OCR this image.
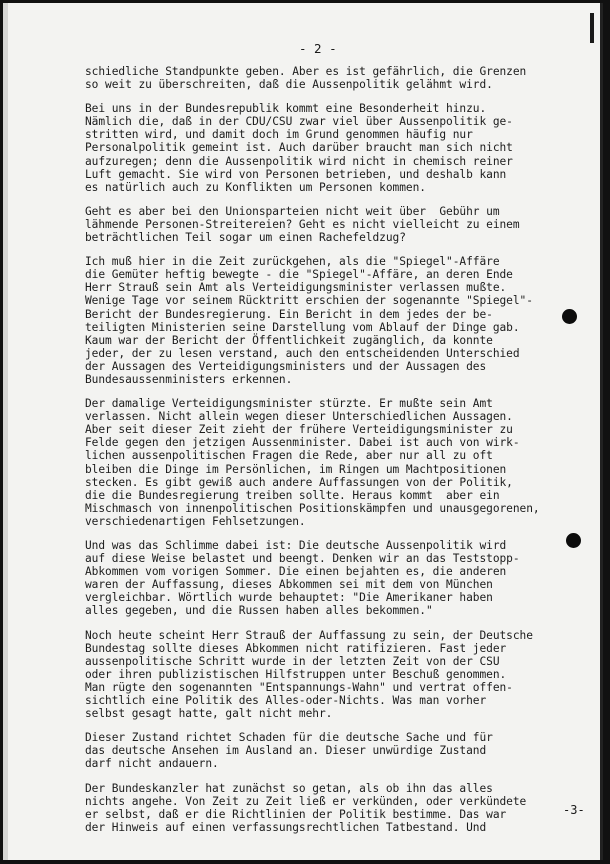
- 2 -
schiedliche Standpunkte geben. Aber es ist gefährlich, die Grenzen
so weit zu überschreiten, daß die Aussenpolitik gelähmt wird.
Bei uns in der Bundesrepublik kommt eine Besonderheit hinzu.
Nämlich die, daß in der CDU/CSU zwar viel über Aussenpolitik ge-
stritten wird, und damit doch im Grund genommen häufig nur
Personalpolitik gemeint ist. Auch darüber braucht man sich nicht
aufzuregen; denn die Aussenpolitik wird nicht in chemisch reiner
Luft gemacht. Sie wird von Personen betrieben, und deshalb kann
es natürlich auch zu Konflikten um Personen kommen.
Geht es aber bei den Unionsparteien nicht weit über  Gebühr um
lähmende Personen-Streitereien? Geht es nicht vielleicht zu einem
beträchtlichen Teil sogar um einen Rachefeldzug?
Ich muß hier in die Zeit zurückgehen, als die "Spiegel"-Affäre
die Gemüter heftig bewegte - die "Spiegel"-Affäre, an deren Ende
Herr Strauß sein Amt als Verteidigungsminister verlassen mußte.
Wenige Tage vor seinem Rücktritt erschien der sogenannte "Spiegel"-
Bericht der Bundesregierung. Ein Bericht in dem jedes der be-
teiligten Ministerien seine Darstellung vom Ablauf der Dinge gab.
Kaum war der Bericht der Öffentlichkeit zugänglich, da konnte
jeder, der zu lesen verstand, auch den entscheidenden Unterschied
der Aussagen des Verteidigungsministers und der Aussagen des
Bundesaussenministers erkennen.
Der damalige Verteidigungsminister stürzte. Er mußte sein Amt
verlassen. Nicht allein wegen dieser Unterschiedlichen Aussagen.
Aber seit dieser Zeit zieht der frühere Verteidigungsminister zu
Felde gegen den jetzigen Aussenminister. Dabei ist auch von wirk-
lichen aussenpolitischen Fragen die Rede, aber nur all zu oft
bleiben die Dinge im Persönlichen, im Ringen um Machtpositionen
stecken. Es gibt gewiß auch andere Auffassungen von der Politik,
die die Bundesregierung treiben sollte. Heraus kommt  aber ein
Mischmasch von innenpolitischen Positionskämpfen und unausgegorenen,
verschiedenartigen Fehlsetzungen.
Und was das Schlimme dabei ist: Die deutsche Aussenpolitik wird
auf diese Weise belastet und beengt. Denken wir an das Teststopp-
Abkommen vom vorigen Sommer. Die einen bejahten es, die anderen
waren der Auffassung, dieses Abkommen sei mit dem von München
vergleichbar. Wörtlich wurde behauptet: "Die Amerikaner haben
alles gegeben, und die Russen haben alles bekommen."
Noch heute scheint Herr Strauß der Auffassung zu sein, der Deutsche
Bundestag sollte dieses Abkommen nicht ratifizieren. Fast jeder
aussenpolitische Schritt wurde in der letzten Zeit von der CSU
oder ihren publizistischen Hilfstruppen unter Beschuß genommen.
Man rügte den sogenannten "Entspannungs-Wahn" und vertrat offen-
sichtlich eine Politik des Alles-oder-Nichts. Was man vorher
selbst gesagt hatte, galt nicht mehr.
Dieser Zustand richtet Schaden für die deutsche Sache und für
das deutsche Ansehen im Ausland an. Dieser unwürdige Zustand
darf nicht andauern.
Der Bundeskanzler hat zunächst so getan, als ob ihn das alles
nichts angehe. Von Zeit zu Zeit ließ er verkünden, oder verkündete
er selbst, daß er die Richtlinien der Politik bestimme. Das war
der Hinweis auf einen verfassungsrechtlichen Tatbestand. Und
-3-
